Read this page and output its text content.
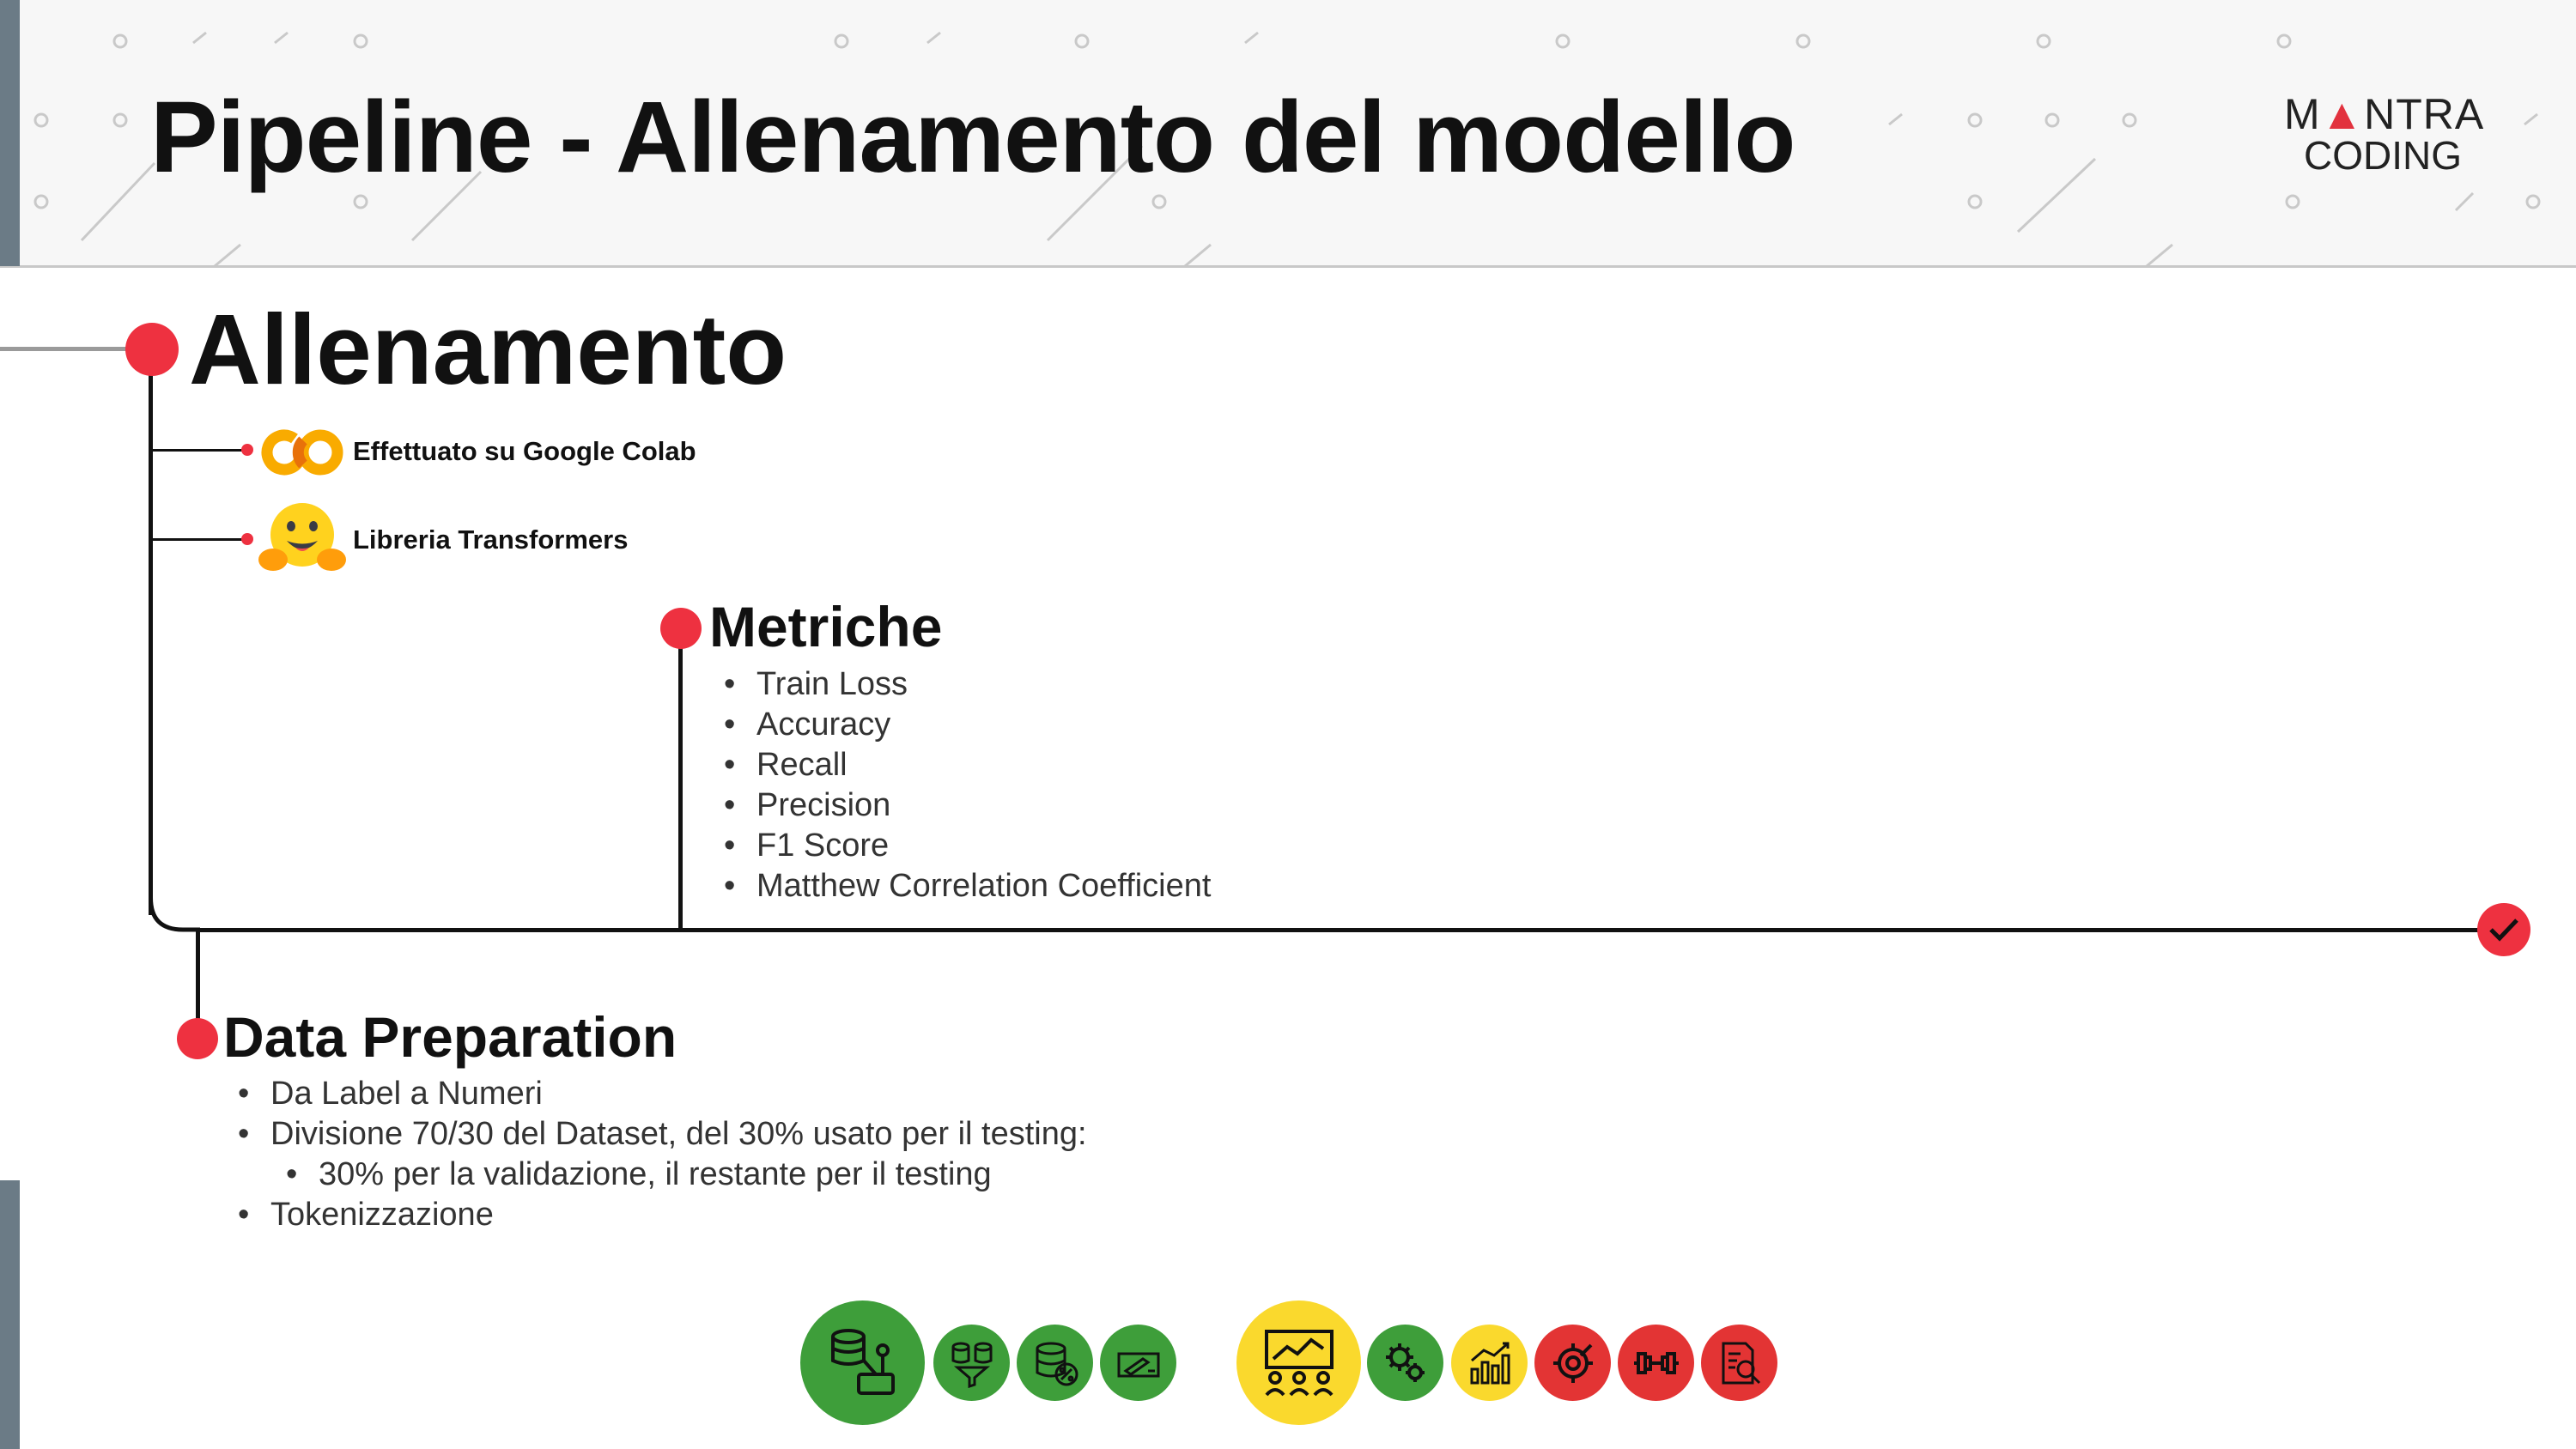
Pipeline - Allenamento del modello	M▲NTRA
CODING
Allenamento
Effettuato su Google Colab
Libreria Transformers
Metriche
• Train Loss
• Accuracy
• Recall
• Precision
• F1 Score
• Matthew Correlation Coefficient
Data Preparation
• Da Label a Numeri
• Divisione 70/30 del Dataset, del 30% usato per il testing:
• 30% per la validazione, il restante per il testing
• Tokenizzazione
